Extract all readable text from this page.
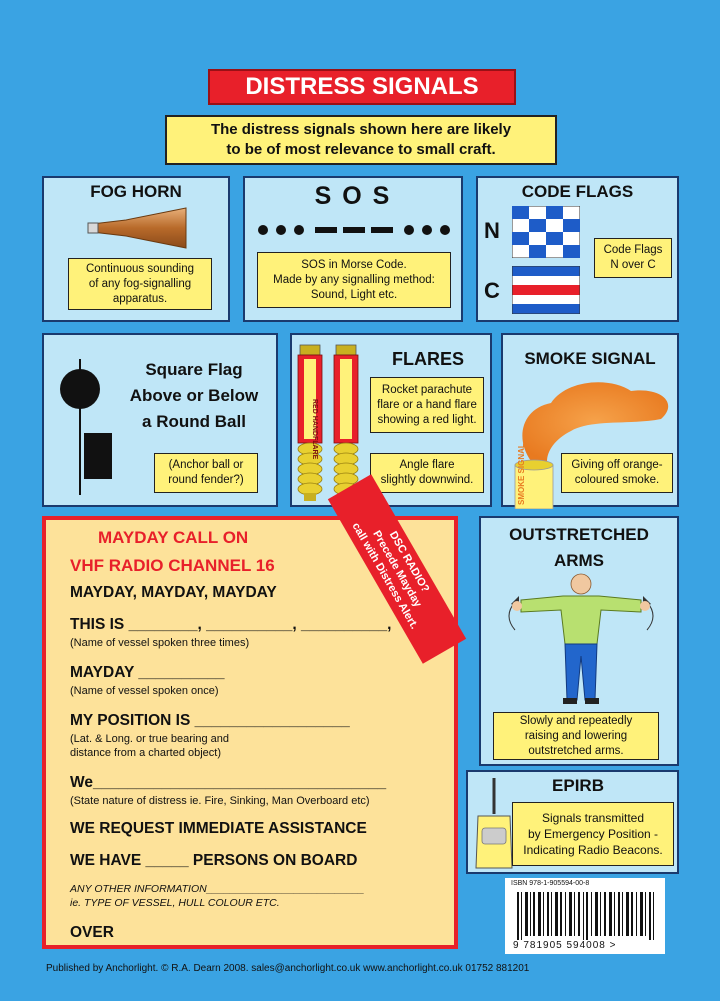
DISTRESS SIGNALS
The distress signals shown here are likely
to be of most relevance to small craft.
FOG HORN
Continuous sounding
of any fog-signalling
apparatus.
S O S
SOS in Morse Code.
Made by any signalling method:
Sound, Light etc.
CODE FLAGS
N
C
Code Flags
N over C
Square Flag
Above or Below
a Round Ball
(Anchor ball or
round fender?)
RED HANDFLARE
FLARES
Rocket parachute
flare or a hand flare
showing a red light.
Angle flare
slightly downwind.
SMOKE SIGNAL
SMOKE SIGNAL	Giving off orange-
coloured smoke.
MAYDAY CALL ON
VHF RADIO CHANNEL 16
MAYDAY, MAYDAY, MAYDAY
THIS IS ________, __________, __________,
(Name of vessel spoken three times)
MAYDAY __________
(Name of vessel spoken once)
MY POSITION IS __________________
(Lat. & Long. or true bearing and
distance from a charted object)
We__________________________________
(State nature of distress ie. Fire, Sinking, Man Overboard etc)
WE REQUEST IMMEDIATE ASSISTANCE
WE HAVE _____ PERSONS ON BOARD
ANY OTHER INFORMATION___________________________
ie. TYPE OF VESSEL, HULL COLOUR ETC.
OVER
DSC RADIO?
Precede Mayday
call with Distress Alert.	OUTSTRETCHED
ARMS
Slowly and repeatedly
raising and lowering
outstretched arms.
EPIRB
Signals transmitted
by Emergency Position -
Indicating Radio Beacons.
ISBN 978-1-905594-00-8
9 781905 594008 >
Published by Anchorlight. © R.A. Dearn 2008. sales@anchorlight.co.uk www.anchorlight.co.uk 01752 881201
